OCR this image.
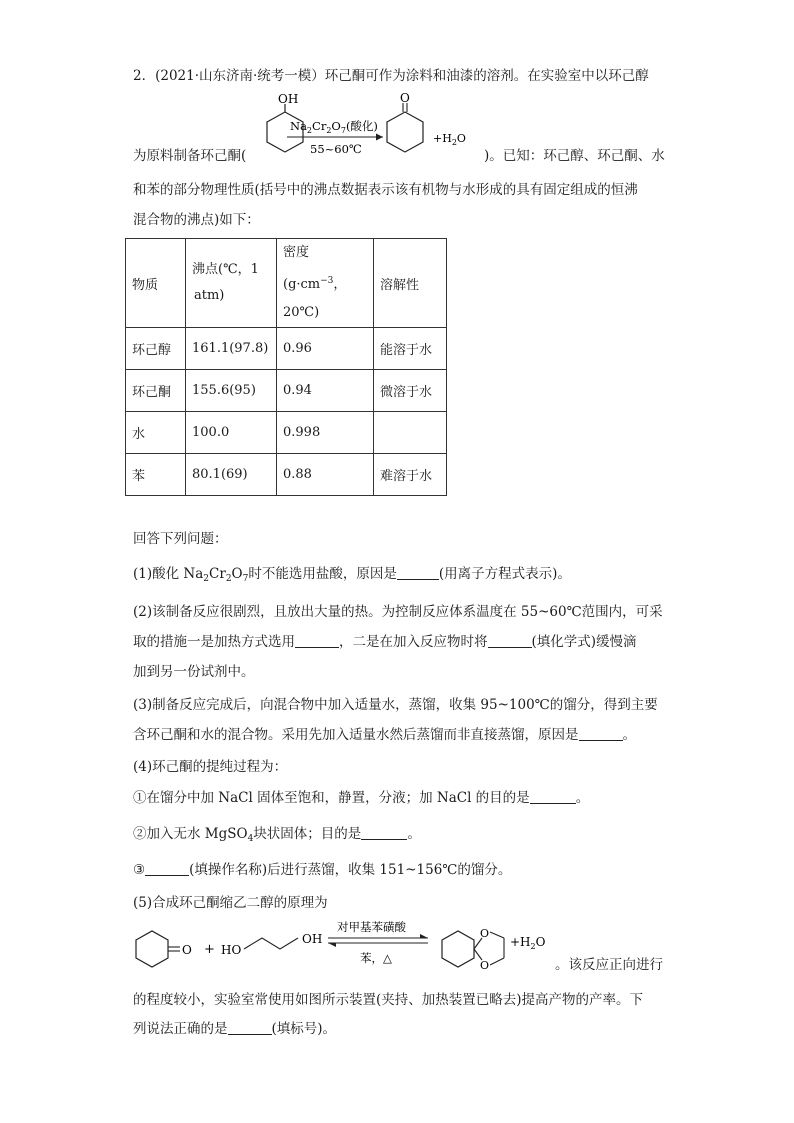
2．(2021·山东济南·统考一模）环己酮可作为涂料和油漆的溶剂。在实验室中以环己醇
OH
$Na_2Cr_2O_7$(酸化)
55~60℃
O
$+H_2O$
为原料制备环己酮(	)。已知：环己醇、环己酮、水
和苯的部分物理性质(括号中的沸点数据表示该有机物与水形成的具有固定组成的恒沸
混合物的沸点)如下：
物质	沸点(℃，1
atm)	密度($g\cdot cm^{-3}$，
20℃)	溶解性
环己醇	161.1(97.8)	0.96	能溶于水
环己酮	155.6(95)	0.94	微溶于水
水	100.0	0.998	
苯	80.1(69)	0.88	难溶于水
回答下列问题：
(1)酸化 $Na_2Cr_2O_7$时不能选用盐酸，原因是	(用离子方程式表示)。
(2)该制备反应很剧烈，且放出大量的热。为控制反应体系温度在 55~60℃范围内，可采
取的措施一是加热方式选用	，二是在加入反应物时将	(填化学式)缓慢滴
加到另一份试剂中。
(3)制备反应完成后，向混合物中加入适量水，蒸馏，收集 95~100℃的馏分，得到主要
含环己酮和水的混合物。采用先加入适量水然后蒸馏而非直接蒸馏，原因是	。
(4)环己酮的提纯过程为：
①在馏分中加 NaCl 固体至饱和，静置，分液；加 NaCl 的目的是	。
②加入无水 MgSO$_4$块状固体；目的是	。
③	(填操作名称)后进行蒸馏，收集 151~156℃的馏分。
(5)合成环己酮缩乙二醇的原理为
O + HO
OH
对甲基苯磺酸
苯，△
O
O
$+H_2O$
。该反应正向进行
的程度较小，实验室常使用如图所示装置(夹持、加热装置已略去)提高产物的产率。下
列说法正确的是	(填标号)。
